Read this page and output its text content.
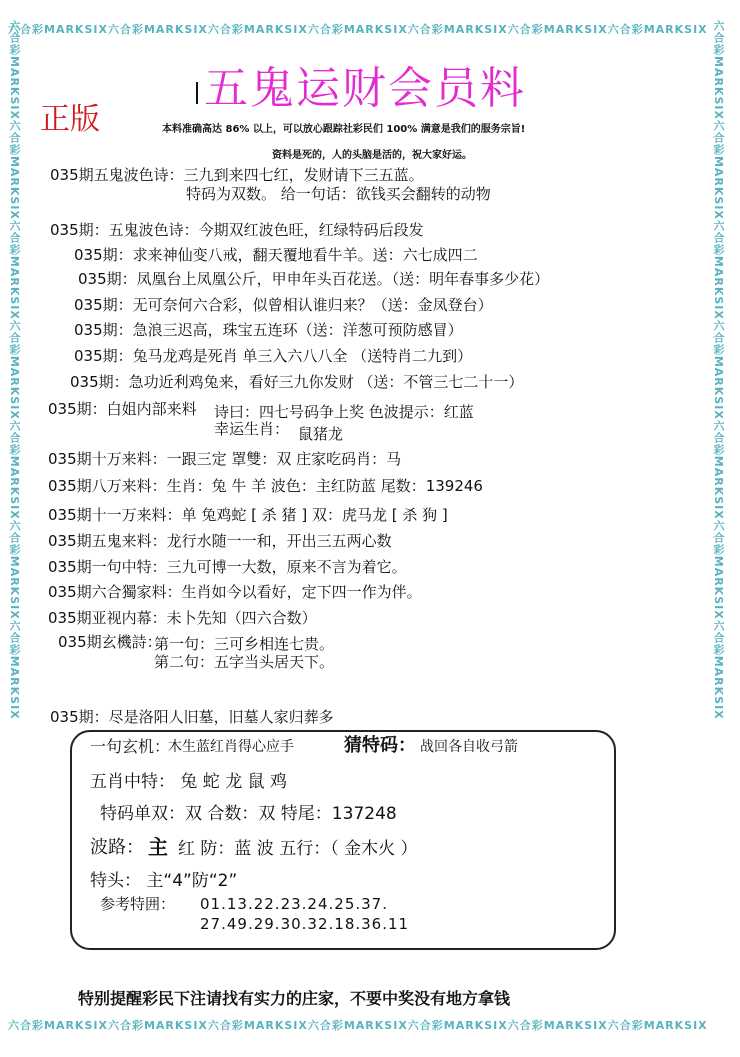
六合彩MARKSIX六合彩MARKSIX六合彩MARKSIX六合彩MARKSIX六合彩MARKSIX六合彩MARKSIX六合彩MARKSIX
六合彩MARKSIX六合彩MARKSIX六合彩MARKSIX六合彩MARKSIX六合彩MARKSIX六合彩MARKSIX六合彩MARKSIX
六合彩MARKSIX六合彩MARKSIX六合彩MARKSIX六合彩MARKSIX六合彩MARKSIX六合彩MARKSIX六合彩MARKSIX	六合彩MARKSIX六合彩MARKSIX六合彩MARKSIX六合彩MARKSIX六合彩MARKSIX六合彩MARKSIX六合彩MARKSIX
五鬼运财会员料
正版	本料准确高达 86% 以上，可以放心跟踪社彩民们 100% 满意是我们的服务宗旨!
资料是死的，人的头脑是活的，祝大家好运。
035期五鬼波色诗：三九到来四七红，发财请下三五蓝。
特码为双数。 给一句话：欲钱买会翻转的动物
035期：五鬼波色诗：今期双红波色旺，红绿特码后段发
035期：求来神仙变八戒，翻天覆地看牛羊。送：六七成四二
035期：凤凰台上凤凰公斤，甲申年头百花送。（送：明年春事多少花）
035期：无可奈何六合彩，似曾相认谁归来？（送：金凤登台）
035期：急浪三迟高，珠宝五连环（送：洋葱可预防感冒）
035期：兔马龙鸡是死肖 单三入六八八全 （送特肖二九到）
035期：急功近利鸡兔来，看好三九你发财 （送：不管三七二十一）
035期：白姐内部来料 诗曰：四七号码争上奖 色波提示：红蓝
幸运生肖： 鼠猪龙
035期十万来料：一跟三定 罩雙：双 庄家吃码肖：马
035期八万来料：生肖：兔 牛 羊 波色：主红防蓝 尾数：139246
035期十一万来料：单 兔鸡蛇 [ 杀 猪 ] 双：虎马龙 [ 杀 狗 ]
035期五鬼来料：龙行水随一一和，开出三五两心数
035期一句中特：三九可博一大数，原来不言为着它。
035期六合獨家料：生肖如今以看好，定下四一作为伴。
035期亚视内幕：未卜先知（四六合数）
035期玄機詩：
第一句：三可乡相连七贵。
第二句：五字当头居天下。
035期：尽是洛阳人旧墓，旧墓人家归葬多
一句玄机：
木生蓝红肖得心应手	猜特码： 战回各自收弓箭
五肖中特： 兔 蛇 龙 鼠 鸡
特码单双：双 合数：双 特尾：137248
波路： 主 红 防：蓝 波 五行：（ 金木火 ）
特头： 主“4”防“2”
参考特囲： 01.13.22.23.24.25.37.
27.49.29.30.32.18.36.11
特别提醒彩民下注请找有实力的庄家，不要中奖没有地方拿钱
